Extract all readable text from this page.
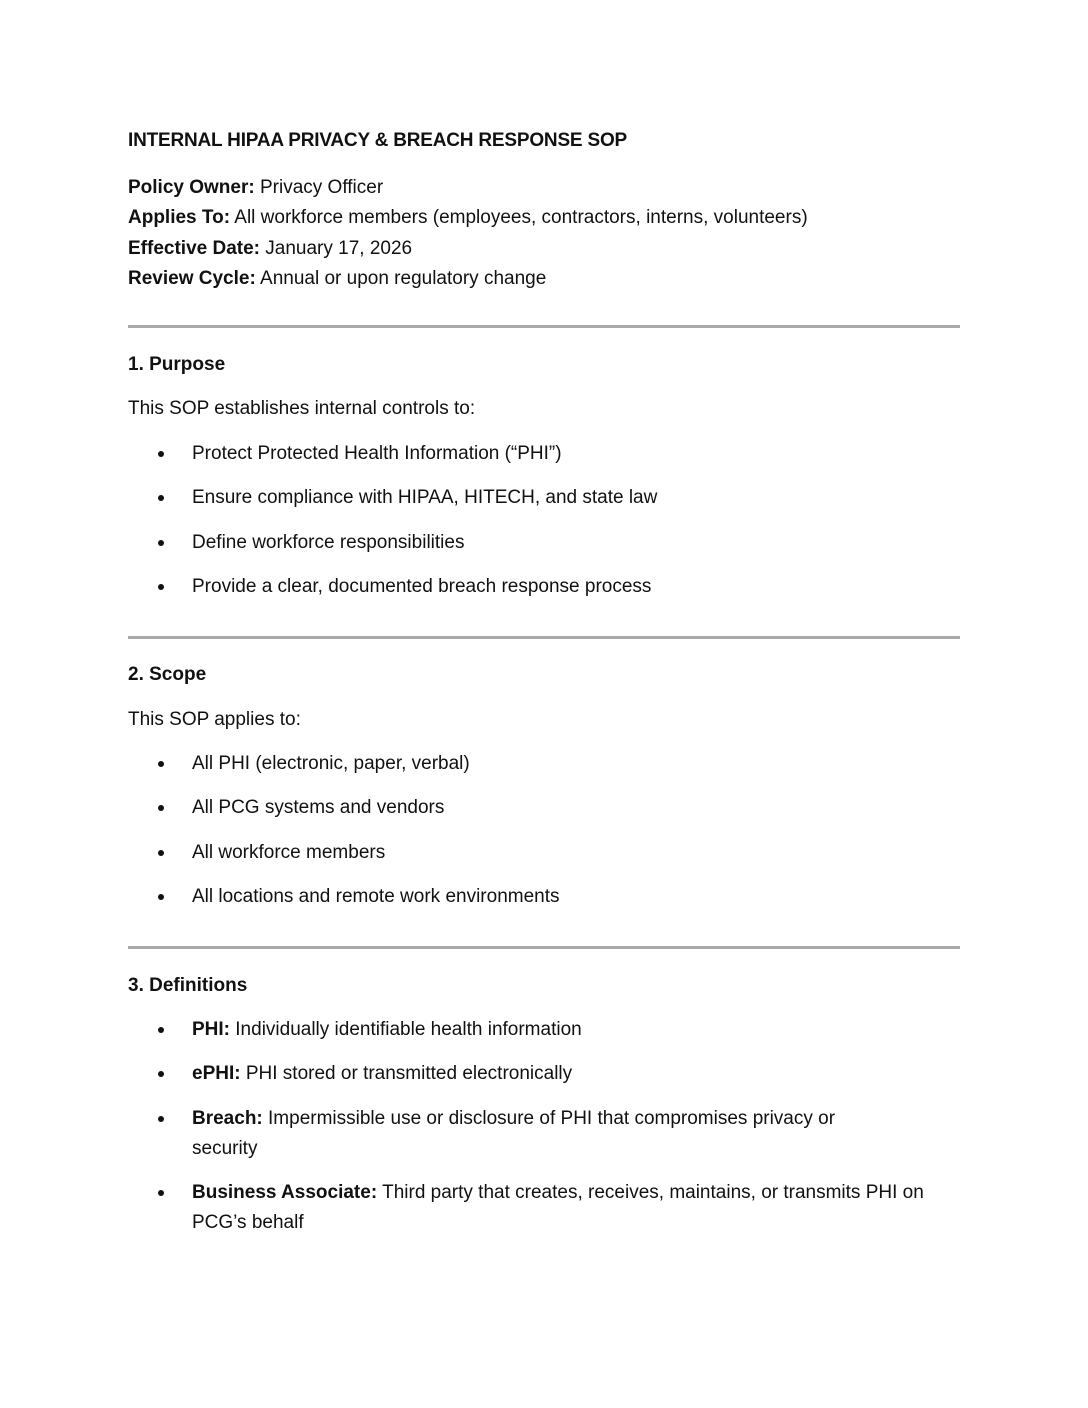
INTERNAL HIPAA PRIVACY & BREACH RESPONSE SOP
Policy Owner: Privacy Officer
Applies To: All workforce members (employees, contractors, interns, volunteers)
Effective Date: January 17, 2026
Review Cycle: Annual or upon regulatory change
1. Purpose
This SOP establishes internal controls to:
Protect Protected Health Information (“PHI”)
Ensure compliance with HIPAA, HITECH, and state law
Define workforce responsibilities
Provide a clear, documented breach response process
2. Scope
This SOP applies to:
All PHI (electronic, paper, verbal)
All PCG systems and vendors
All workforce members
All locations and remote work environments
3. Definitions
PHI: Individually identifiable health information
ePHI: PHI stored or transmitted electronically
Breach: Impermissible use or disclosure of PHI that compromises privacy or security
Business Associate: Third party that creates, receives, maintains, or transmits PHI on PCG’s behalf
